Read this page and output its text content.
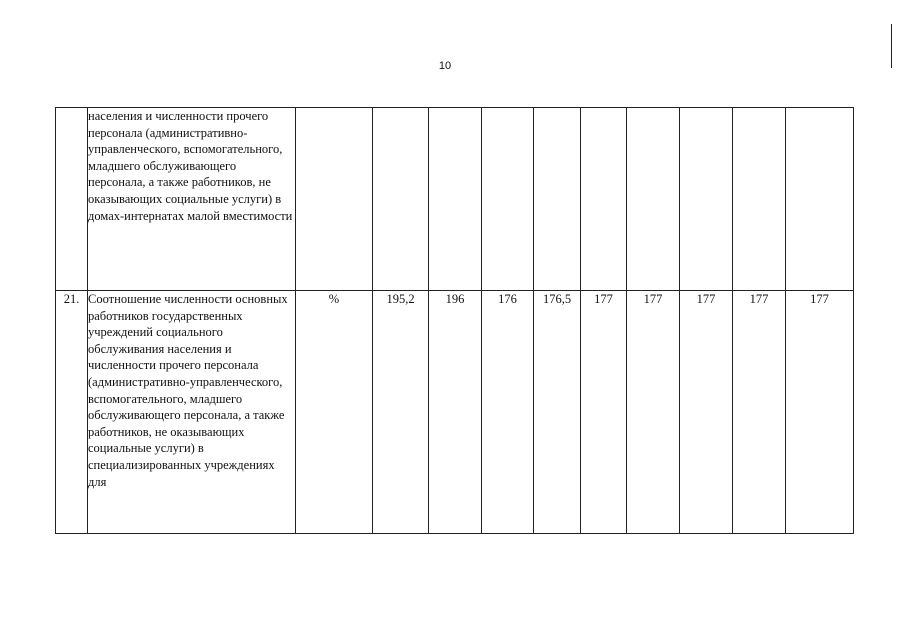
10
	населения и численности прочего персонала (административно-управленческого, вспомогательного, младшего обслуживающего персонала, а также работников, не оказывающих социальные услуги) в домах-интернатах малой вместимости										
21.	Соотношение численности основных работников государственных учреждений социального обслуживания населения и численности прочего персонала (административно-управленческого, вспомогательного, младшего обслуживающего персонала, а также работников, не оказывающих социальные услуги) в специализированных учреждениях для	%	195,2	196	176	176,5	177	177	177	177	177
